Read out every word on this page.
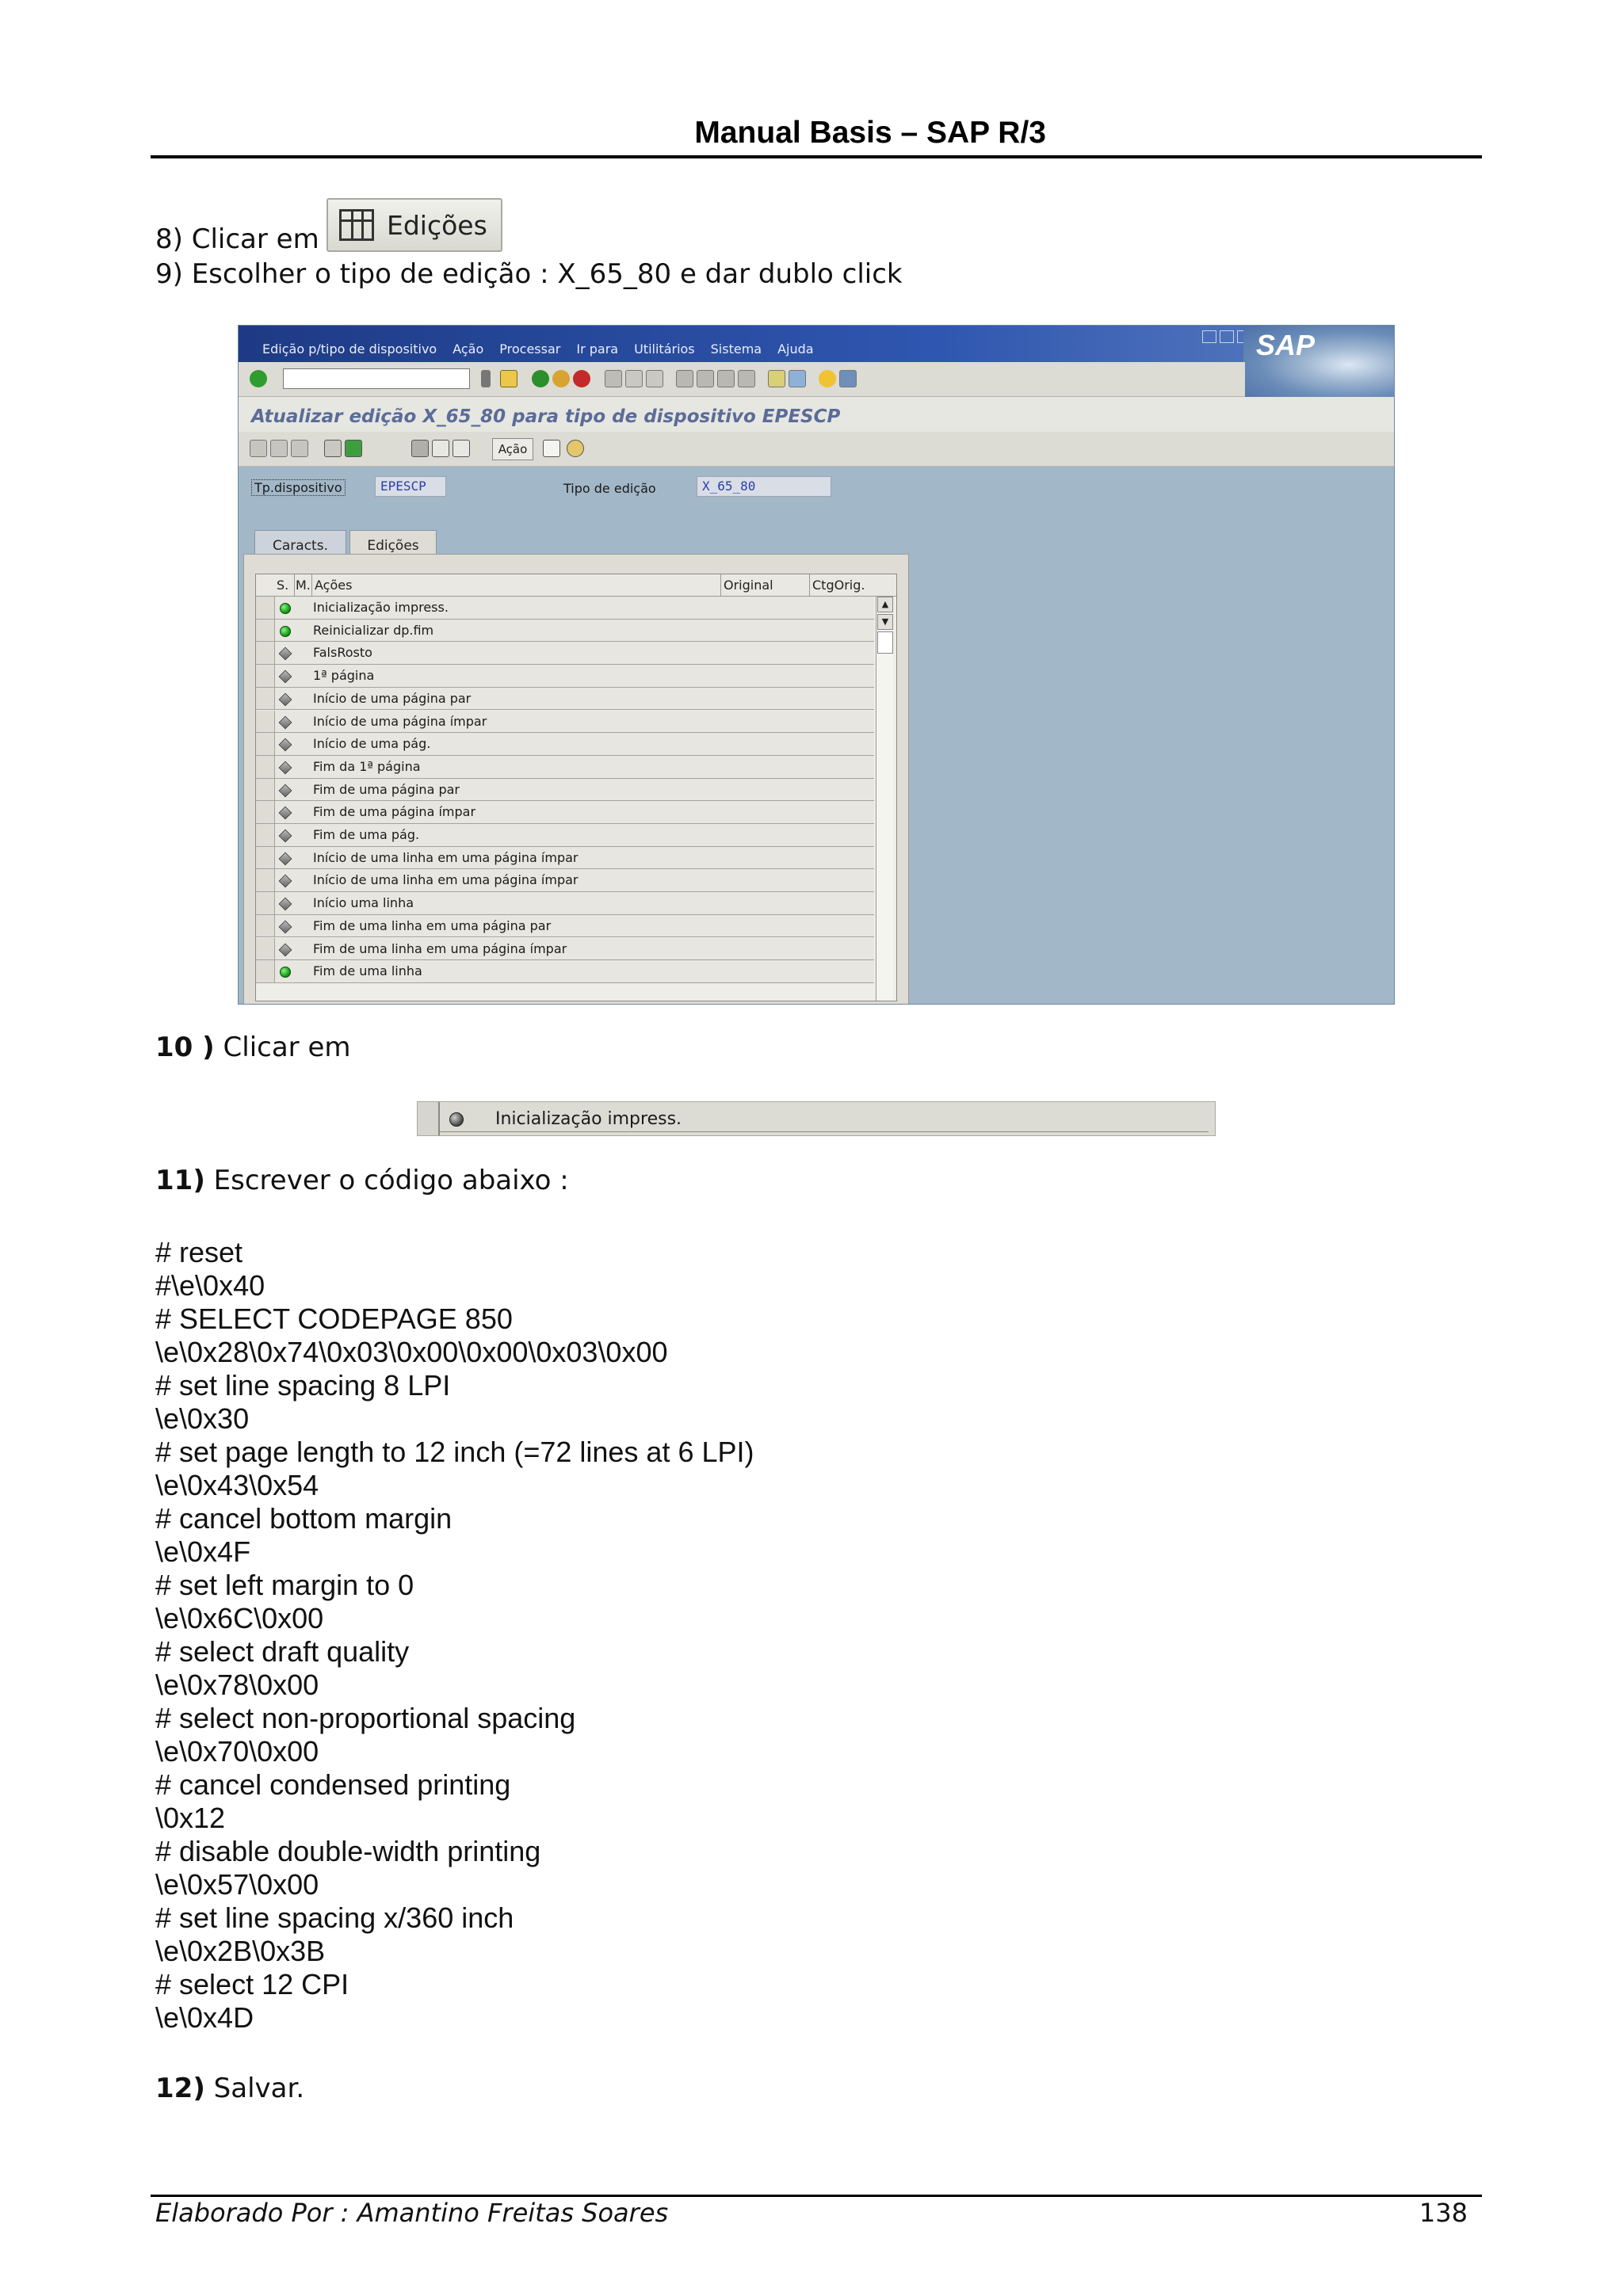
Manual Basis – SAP R/3
8) Clicar em	Edições
9) Escolher o tipo de edição : X_65_80 e dar dublo click
Edição p/tipo de dispositivo Ação Processar Ir para Utilitários Sistema Ajuda	SAP
Atualizar edição X_65_80 para tipo de dispositivo EPESCP
Ação
Tp.dispositivo	EPESCP	Tipo de edição	X_65_80
Caracts.	Edições
S. M. Ações	Original	CtgOrig.
Inicialização impress.
Reinicializar dp.fim
FalsRosto
1ª página
Início de uma página par
Início de uma página ímpar
Início de uma pág.
Fim da 1ª página
Fim de uma página par
Fim de uma página ímpar
Fim de uma pág.
Início de uma linha em uma página ímpar
Início de uma linha em uma página ímpar
Início uma linha
Fim de uma linha em uma página par
Fim de uma linha em uma página ímpar
Fim de uma linha
▲
▼
10 ) Clicar em
Inicialização impress.
11) Escrever o código abaixo :
# reset
#\e\0x40
# SELECT CODEPAGE 850
\e\0x28\0x74\0x03\0x00\0x00\0x03\0x00
# set line spacing 8 LPI
\e\0x30
# set page length to 12 inch (=72 lines at 6 LPI)
\e\0x43\0x54
# cancel bottom margin
\e\0x4F
# set left margin to 0
\e\0x6C\0x00
# select draft quality
\e\0x78\0x00
# select non-proportional spacing
\e\0x70\0x00
# cancel condensed printing
\0x12
# disable double-width printing
\e\0x57\0x00
# set line spacing x/360 inch
\e\0x2B\0x3B
# select 12 CPI
\e\0x4D
12) Salvar.
Elaborado Por : Amantino Freitas Soares	138
